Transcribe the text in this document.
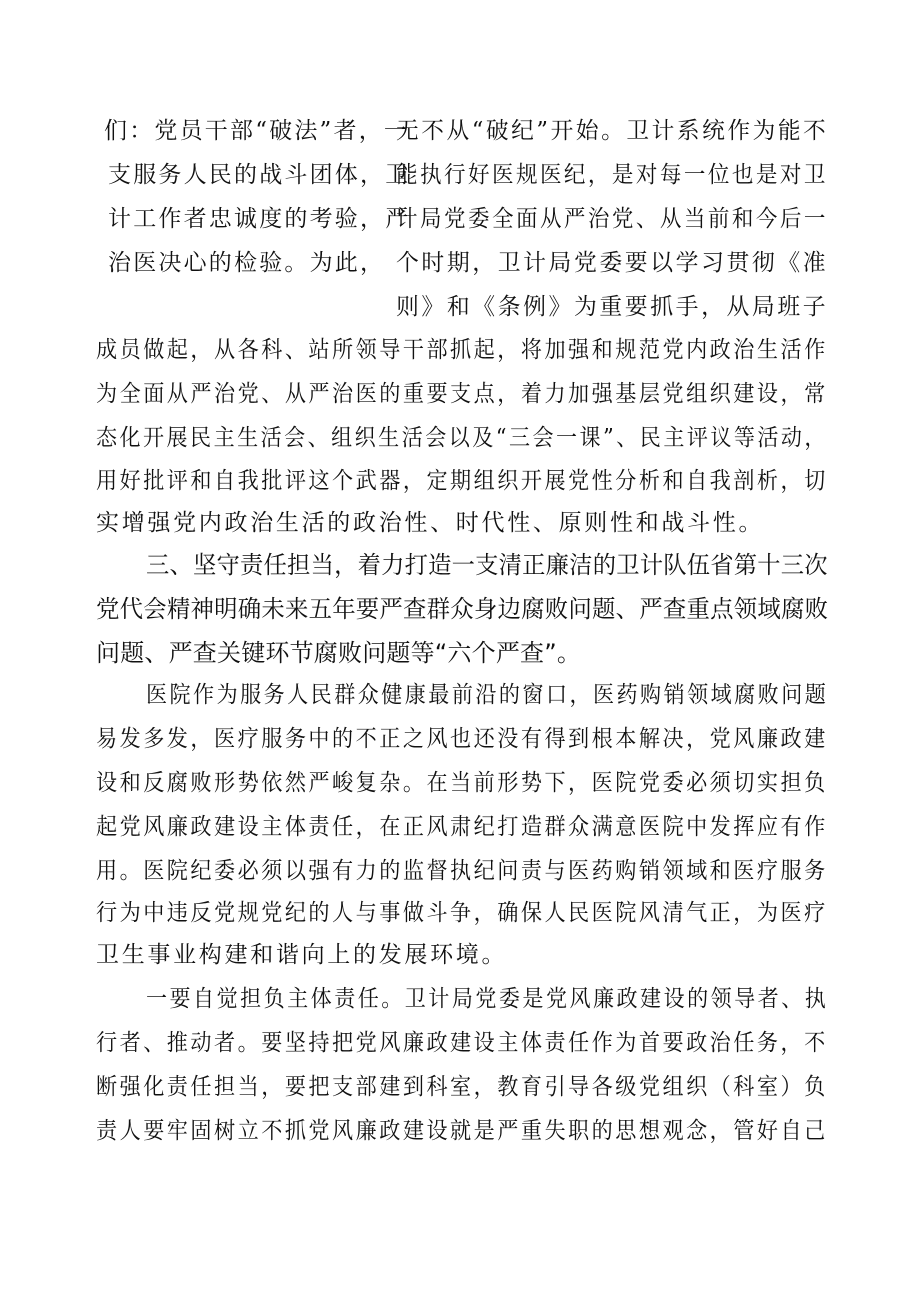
们：党员干部“破法”者，一
支服务人民的战斗团体，卫
计工作者忠诚度的考验，严
治医决心的检验。为此，
无不从“破纪”开始。卫计系统作为能不
能执行好医规医纪，是对每一位也是对卫
计局党委全面从严治党、从当前和今后一
个时期，卫计局党委要以学习贯彻《准
则》和《条例》为重要抓手，从局班子
成员做起，从各科、站所领导干部抓起，将加强和规范党内政治生活作
为全面从严治党、从严治医的重要支点，着力加强基层党组织建设，常
态化开展民主生活会、组织生活会以及“三会一课”、民主评议等活动，
用好批评和自我批评这个武器，定期组织开展党性分析和自我剖析，切
实增强党内政治生活的政治性、时代性、原则性和战斗性。
三、坚守责任担当，着力打造一支清正廉洁的卫计队伍省第十三次
党代会精神明确未来五年要严查群众身边腐败问题、严查重点领域腐败
问题、严查关键环节腐败问题等“六个严查”。
医院作为服务人民群众健康最前沿的窗口，医药购销领域腐败问题
易发多发，医疗服务中的不正之风也还没有得到根本解决，党风廉政建
设和反腐败形势依然严峻复杂。在当前形势下，医院党委必须切实担负
起党风廉政建设主体责任，在正风肃纪打造群众满意医院中发挥应有作
用。医院纪委必须以强有力的监督执纪问责与医药购销领域和医疗服务
行为中违反党规党纪的人与事做斗争，确保人民医院风清气正，为医疗
卫生事业构建和谐向上的发展环境。
一要自觉担负主体责任。卫计局党委是党风廉政建设的领导者、执
行者、推动者。要坚持把党风廉政建设主体责任作为首要政治任务，不
断强化责任担当，要把支部建到科室，教育引导各级党组织（科室）负
责人要牢固树立不抓党风廉政建设就是严重失职的思想观念，管好自己
